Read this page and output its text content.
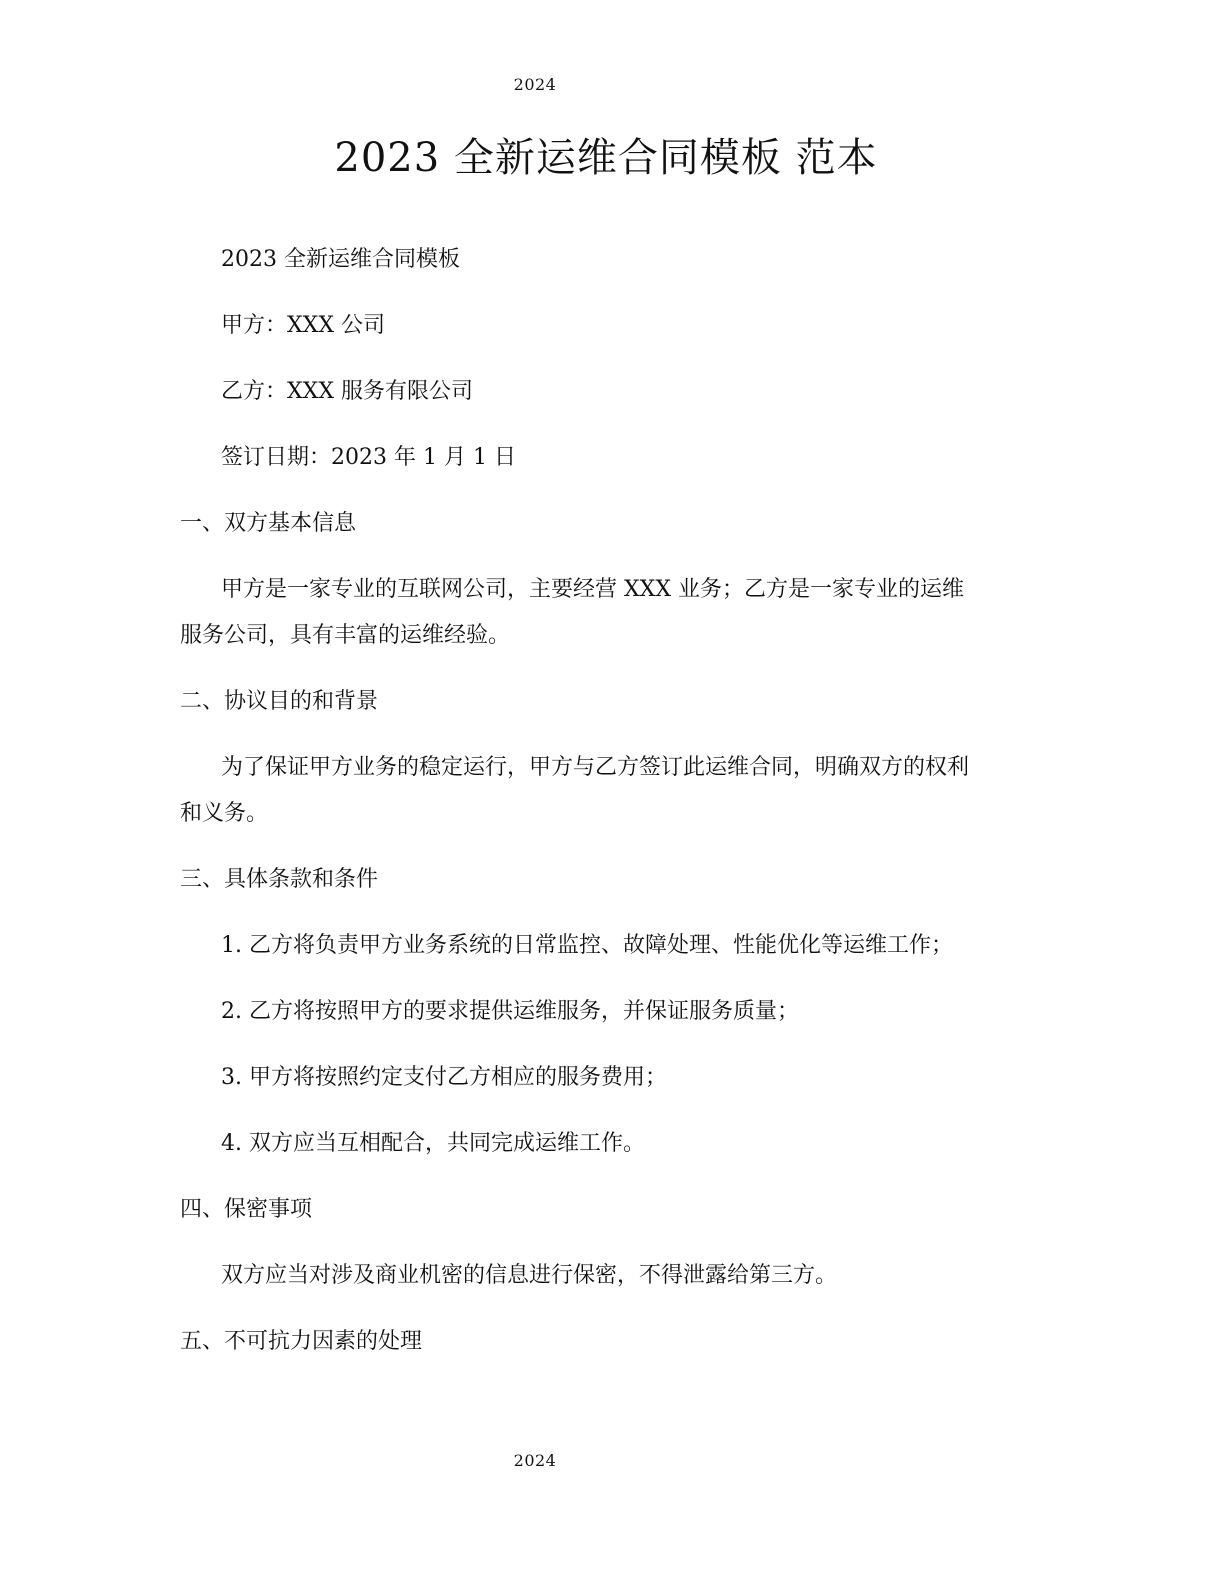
2024
2023 全新运维合同模板 范本

2023 全新运维合同模板

甲方：XXX 公司

乙方：XXX 服务有限公司

签订日期：2023 年 1 月 1 日

一、双方基本信息

甲方是一家专业的互联网公司，主要经营 XXX 业务；乙方是一家专业的运维

服务公司，具有丰富的运维经验。

二、协议目的和背景

为了保证甲方业务的稳定运行，甲方与乙方签订此运维合同，明确双方的权利

和义务。

三、具体条款和条件

1. 乙方将负责甲方业务系统的日常监控、故障处理、性能优化等运维工作；

2. 乙方将按照甲方的要求提供运维服务，并保证服务质量；

3. 甲方将按照约定支付乙方相应的服务费用；

4. 双方应当互相配合，共同完成运维工作。

四、保密事项

双方应当对涉及商业机密的信息进行保密，不得泄露给第三方。

五、不可抗力因素的处理

2024
